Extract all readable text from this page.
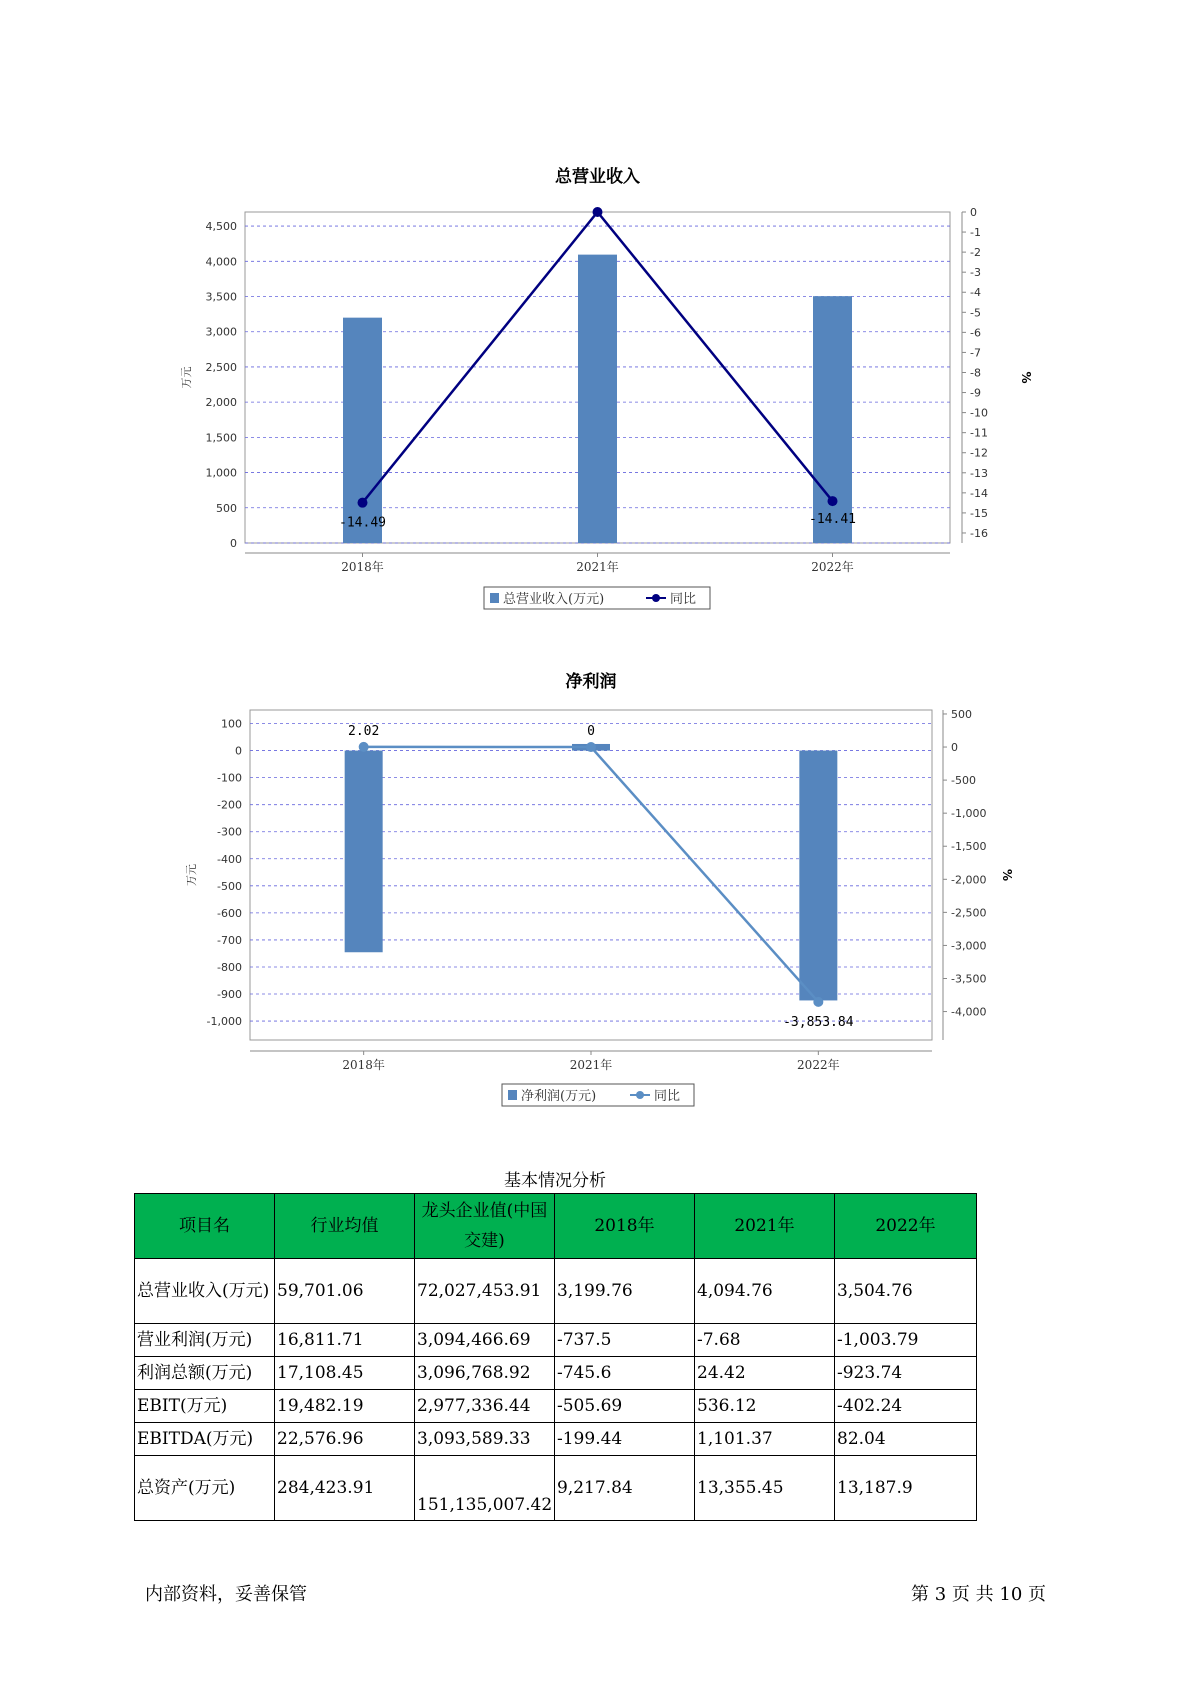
总营业收入
0
500
1,000
1,500
2,000
2,500
3,000
3,500
4,000
4,500
0
-1
-2
-3
-4
-5
-6
-7
-8
-9
-10
-11
-12
-13
-14
-15
-16
万元	%
2018年	2021年	2022年
-14.49	-14.41
总营业收入(万元)	同比
净利润
100
0
-100
-200
-300
-400
-500
-600
-700
-800
-900
-1,000
500
0
-500
-1,000
-1,500
-2,000
-2,500
-3,000
-3,500
-4,000
万元	%
2018年	2021年	2022年
2.02	0
-3,853.84
净利润(万元)	同比
基本情况分析
项目名	行业均值	龙头企业值(中国交建)	2018年	2021年	2022年
总营业收入(万元)	59,701.06	72,027,453.91	3,199.76	4,094.76	3,504.76
营业利润(万元)	16,811.71	3,094,466.69	-737.5	-7.68	-1,003.79
利润总额(万元)	17,108.45	3,096,768.92	-745.6	24.42	-923.74
EBIT(万元)	19,482.19	2,977,336.44	-505.69	536.12	-402.24
EBITDA(万元)	22,576.96	3,093,589.33	-199.44	1,101.37	82.04
总资产(万元)	284,423.91	151,135,007.42	9,217.84	13,355.45	13,187.9
内部资料，妥善保管	第 3 页 共 10 页
